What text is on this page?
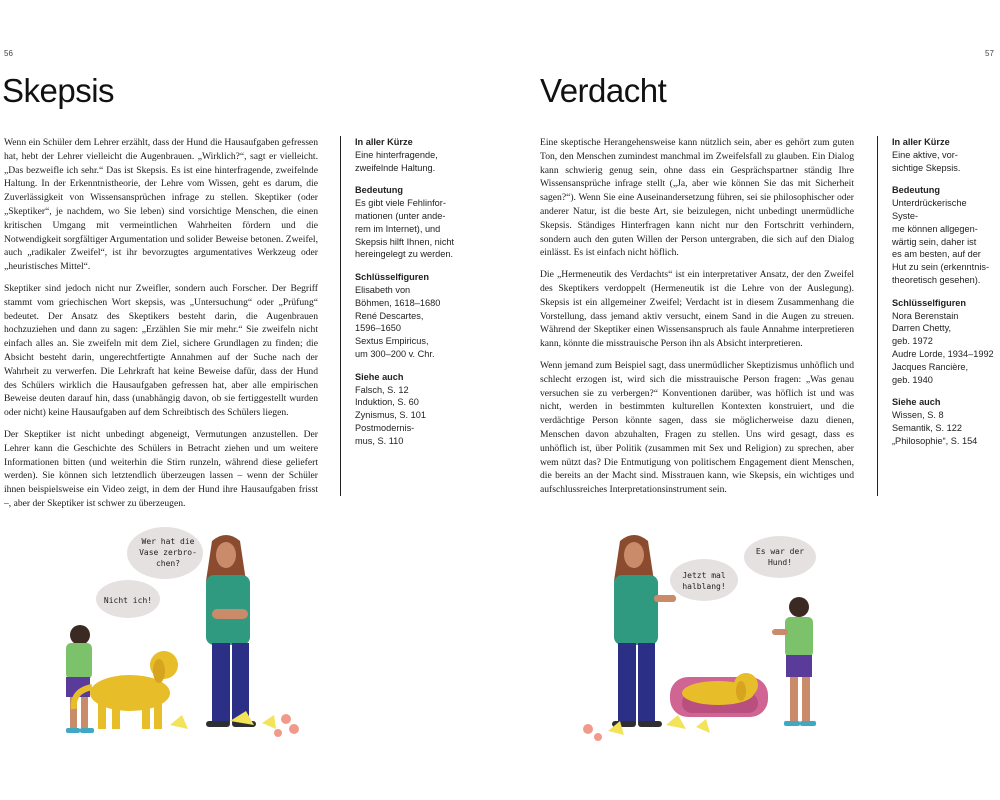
56
Skepsis

Wenn ein Schüler dem Lehrer erzählt, dass der Hund die Hausaufgaben gefressen hat, hebt der Lehrer vielleicht die Augenbrauen. „Wirklich?“, sagt er vielleicht. „Das bezweifle ich sehr.“ Das ist Skepsis. Es ist eine hinterfragende, zweifelnde Haltung. In der Erkenntnistheorie, der Lehre vom Wissen, geht es darum, die Zuverlässigkeit von Wissensansprüchen infrage zu stellen. Skeptiker (oder „Skeptiker“, je nachdem, wo Sie leben) sind vorsichtige Menschen, die einen kritischen Umgang mit vermeintlichen Wahrheiten fördern und die Notwendigkeit sorgfältiger Argumentation und solider Beweise betonen. Zweifel, auch „radikaler Zweifel“, ist ihr bevorzugtes argumentatives Werkzeug oder „heuristisches Mittel“.

Skeptiker sind jedoch nicht nur Zweifler, sondern auch Forscher. Der Begriff stammt vom griechischen Wort skepsis, was „Untersuchung“ oder „Prüfung“ bedeutet. Der Ansatz des Skeptikers besteht darin, die Augenbrauen hochzuziehen und dann zu sagen: „Erzählen Sie mir mehr.“ Sie zweifeln nicht einfach alles an. Sie zweifeln mit dem Ziel, sichere Grundlagen zu finden; die Absicht besteht darin, ungerechtfertigte Annahmen auf der Suche nach der Wahrheit zu verwerfen. Die Lehrkraft hat keine Beweise dafür, dass der Hund des Schülers wirklich die Hausaufgaben gefressen hat, aber alle empirischen Beweise deuten darauf hin, dass (unabhängig davon, ob sie fertiggestellt wurden oder nicht) keine Hausaufgaben auf dem Schreibtisch des Schülers liegen.

Der Skeptiker ist nicht unbedingt abgeneigt, Vermutungen anzustellen. Der Lehrer kann die Geschichte des Schülers in Betracht ziehen und um weitere Informationen bitten (und weiterhin die Stirn runzeln, während diese geliefert werden). Sie können sich letztendlich überzeugen lassen – wenn der Schüler ihnen beispielsweise ein Video zeigt, in dem der Hund ihre Hausaufgaben frisst –, aber der Skeptiker ist schwer zu überzeugen.

In aller Kürze
Eine hinterfragende,
zweifelnde Haltung.
Bedeutung
Es gibt viele Fehlinfor-
mationen (unter ande-
rem im Internet), und
Skepsis hilft Ihnen, nicht
hereingelegt zu werden.
Schlüsselfiguren
Elisabeth von
Böhmen, 1618–1680
René Descartes,
1596–1650
Sextus Empiricus,
um 300–200 v. Chr.
Siehe auch
Falsch, S. 12
Induktion, S. 60
Zynismus, S. 101
Postmodernis-
mus, S. 110
Wer hat die
Vase zerbro-
chen?
Nicht ich!
57
Verdacht

Eine skeptische Herangehensweise kann nützlich sein, aber es gehört zum guten Ton, den Menschen zumindest manchmal im Zweifelsfall zu glauben. Ein Dialog kann schwierig genug sein, ohne dass ein Gesprächspartner ständig Ihre Wissensansprüche infrage stellt („Ja, aber wie können Sie das mit Sicherheit sagen?“). Wenn Sie eine Auseinandersetzung führen, sei sie philosophischer oder anderer Natur, ist die beste Art, sie beizulegen, nicht unbedingt unermüdliche Skepsis. Ständiges Hinterfragen kann nicht nur den Fortschritt verhindern, sondern auch den guten Willen der Person untergraben, die sich auf den Dialog einlässt. Es ist einfach nicht höflich.

Die „Hermeneutik des Verdachts“ ist ein interpretativer Ansatz, der den Zweifel des Skeptikers verdoppelt (Hermeneutik ist die Lehre von der Auslegung). Skepsis ist ein allgemeiner Zweifel; Verdacht ist in diesem Zusammenhang die Vorstellung, dass jemand aktiv versucht, einem Sand in die Augen zu streuen. Während der Skeptiker einen Wissensanspruch als faule Annahme interpretieren kann, könnte die misstrauische Person ihn als Absicht interpretieren.

Wenn jemand zum Beispiel sagt, dass unermüdlicher Skeptizismus unhöflich und schlecht erzogen ist, wird sich die misstrauische Person fragen: „Was genau versuchen sie zu verbergen?“ Konventionen darüber, was höflich ist und was nicht, werden in bestimmten kulturellen Kontexten konstruiert, und die verdächtige Person könnte sagen, dass sie möglicherweise dazu dienen, Menschen davon abzuhalten, Fragen zu stellen. Uns wird gesagt, dass es unhöflich ist, über Politik (zusammen mit Sex und Religion) zu sprechen, aber wem nützt das? Die Entmutigung von politischem Engagement dient Menschen, die bereits an der Macht sind. Misstrauen kann, wie Skepsis, ein wichtiges und aufschlussreiches Interpretationsinstrument sein.

In aller Kürze
Eine aktive, vor-
sichtige Skepsis.
Bedeutung
Unterdrückerische Syste-
me können allgegen-
wärtig sein, daher ist
es am besten, auf der
Hut zu sein (erkenntnis-
theoretisch gesehen).
Schlüsselfiguren
Nora Berenstain
Darren Chetty,
geb. 1972
Audre Lorde, 1934–1992
Jacques Rancière,
geb. 1940
Siehe auch
Wissen, S. 8
Semantik, S. 122
„Philosophie“, S. 154
Jetzt mal
halblang!
Es war der
Hund!
